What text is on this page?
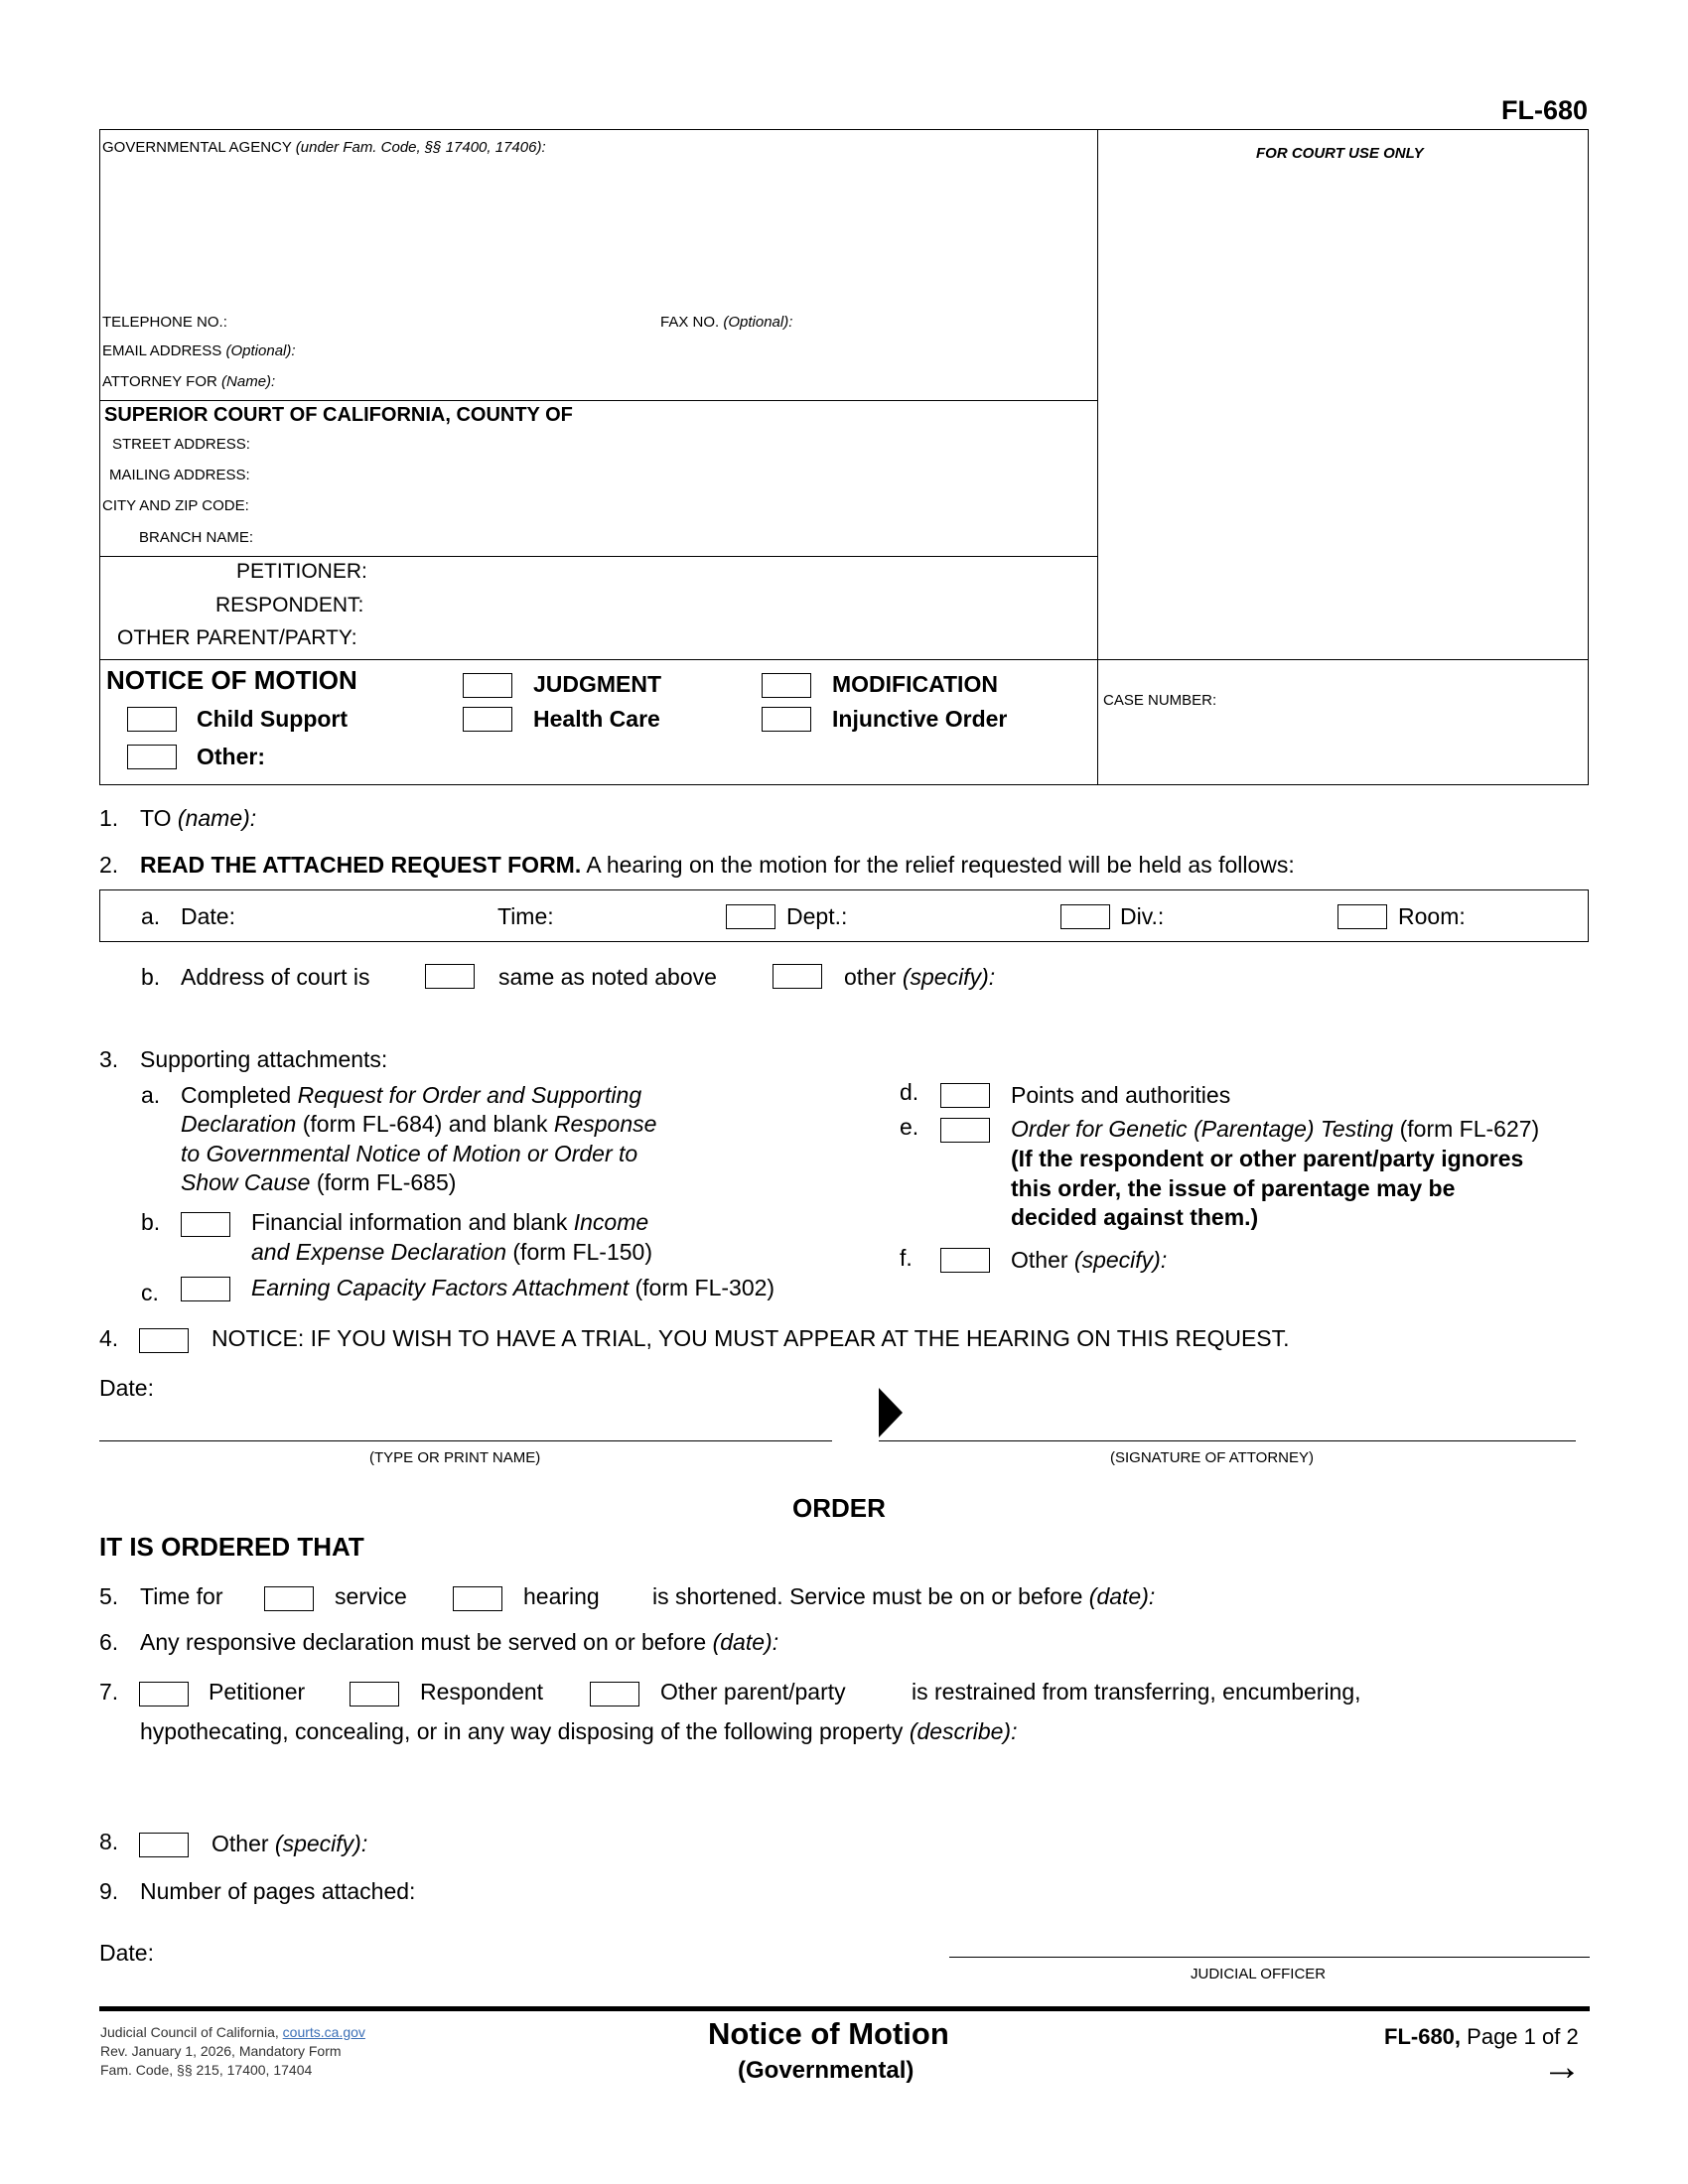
FL-680
GOVERNMENTAL AGENCY (under Fam. Code, §§ 17400, 17406):
TELEPHONE NO.:	FAX NO. (Optional):
EMAIL ADDRESS (Optional):
ATTORNEY FOR (Name):
FOR COURT USE ONLY
SUPERIOR COURT OF CALIFORNIA, COUNTY OF
STREET ADDRESS:
MAILING ADDRESS:
CITY AND ZIP CODE:
BRANCH NAME:
PETITIONER:
RESPONDENT:
OTHER PARENT/PARTY:
NOTICE OF MOTION	JUDGMENT	MODIFICATION
Child Support	Health Care	Injunctive Order
Other:
CASE NUMBER:
1. TO (name):
2. READ THE ATTACHED REQUEST FORM. A hearing on the motion for the relief requested will be held as follows:
a. Date:	Time:	Dept.:	Div.:	Room:
b. Address of court is	same as noted above	other (specify):
3. Supporting attachments:
a. Completed Request for Order and Supporting
Declaration (form FL-684) and blank Response
to Governmental Notice of Motion or Order to
Show Cause (form FL-685)
b.	Financial information and blank Income
and Expense Declaration (form FL-150)
c.	Earning Capacity Factors Attachment (form FL-302)
d.	Points and authorities
e.	Order for Genetic (Parentage) Testing (form FL-627)
(If the respondent or other parent/party ignores
this order, the issue of parentage may be
decided against them.)
f.	Other (specify):
4.	NOTICE: IF YOU WISH TO HAVE A TRIAL, YOU MUST APPEAR AT THE HEARING ON THIS REQUEST.
Date:
(TYPE OR PRINT NAME)	(SIGNATURE OF ATTORNEY)
ORDER
IT IS ORDERED THAT
5. Time for	service	hearing is shortened. Service must be on or before (date):
6. Any responsive declaration must be served on or before (date):
7.	Petitioner	Respondent	Other parent/party	is restrained from transferring, encumbering,
hypothecating, concealing, or in any way disposing of the following property (describe):
8.	Other (specify):
9. Number of pages attached:
Date:
JUDICIAL OFFICER
Judicial Council of California, courts.ca.gov
Rev. January 1, 2026, Mandatory Form
Fam. Code, §§ 215, 17400, 17404
Notice of Motion
(Governmental)
FL-680, Page 1 of 2
→
